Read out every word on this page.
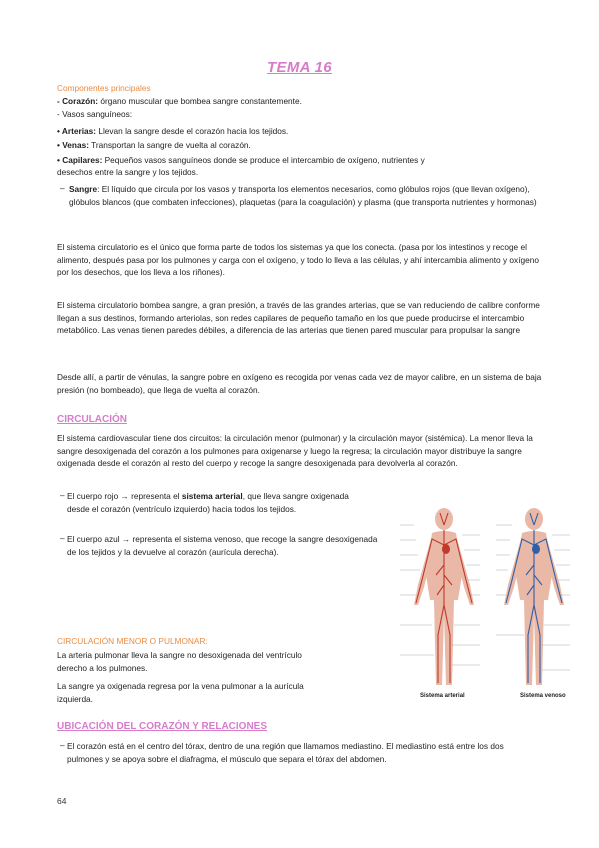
TEMA 16
Componentes principales
- Corazón: órgano muscular que bombea sangre constantemente.
- Vasos sanguíneos:
• Arterias: Llevan la sangre desde el corazón hacia los tejidos.
• Venas: Transportan la sangre de vuelta al corazón.
• Capilares: Pequeños vasos sanguíneos donde se produce el intercambio de oxígeno, nutrientes y
desechos entre la sangre y los tejidos.
‒ Sangre: El líquido que circula por los vasos y transporta los elementos necesarios, como glóbulos rojos (que llevan oxígeno), glóbulos blancos (que combaten infecciones), plaquetas (para la coagulación) y plasma (que transporta nutrientes y hormonas)
El sistema circulatorio es el único que forma parte de todos los sistemas ya que los conecta. (pasa por los intestinos y recoge el alimento, después pasa por los pulmones y carga con el oxígeno, y todo lo lleva a las células, y ahí intercambia alimento y oxígeno por los desechos, que los lleva a los riñones).
El sistema circulatorio bombea sangre, a gran presión, a través de las grandes arterias, que se van reduciendo de calibre conforme llegan a sus destinos, formando arteriolas, son redes capilares de pequeño tamaño en los que puede producirse el intercambio metabólico. Las venas tienen paredes débiles, a diferencia de las arterias que tienen pared muscular para propulsar la sangre
Desde allí, a partir de vénulas, la sangre pobre en oxígeno es recogida por venas cada vez de mayor calibre, en un sistema de baja presión (no bombeado), que llega de vuelta al corazón.
CIRCULACIÓN
El sistema cardiovascular tiene dos circuitos: la circulación menor (pulmonar) y la circulación mayor (sistémica). La menor lleva la sangre desoxigenada del corazón a los pulmones para oxigenarse y luego la regresa; la circulación mayor distribuye la sangre oxigenada desde el corazón al resto del cuerpo y recoge la sangre desoxigenada para devolverla al corazón.
‒ El cuerpo rojo → representa el sistema arterial, que lleva sangre oxigenada desde el corazón (ventrículo izquierdo) hacia todos los tejidos.
‒ El cuerpo azul → representa el sistema venoso, que recoge la sangre desoxigenada de los tejidos y la devuelve al corazón (aurícula derecha).
Sistema arterial	Sistema venoso
CIRCULACIÓN MENOR O PULMONAR:
La arteria pulmonar lleva la sangre no desoxigenada del ventrículo
derecho a los pulmones.
La sangre ya oxigenada regresa por la vena pulmonar a la aurícula
izquierda.
UBICACIÓN DEL CORAZÓN Y RELACIONES
‒ El corazón está en el centro del tórax, dentro de una región que llamamos mediastino. El mediastino está entre los dos pulmones y se apoya sobre el diafragma, el músculo que separa el tórax del abdomen.
64
